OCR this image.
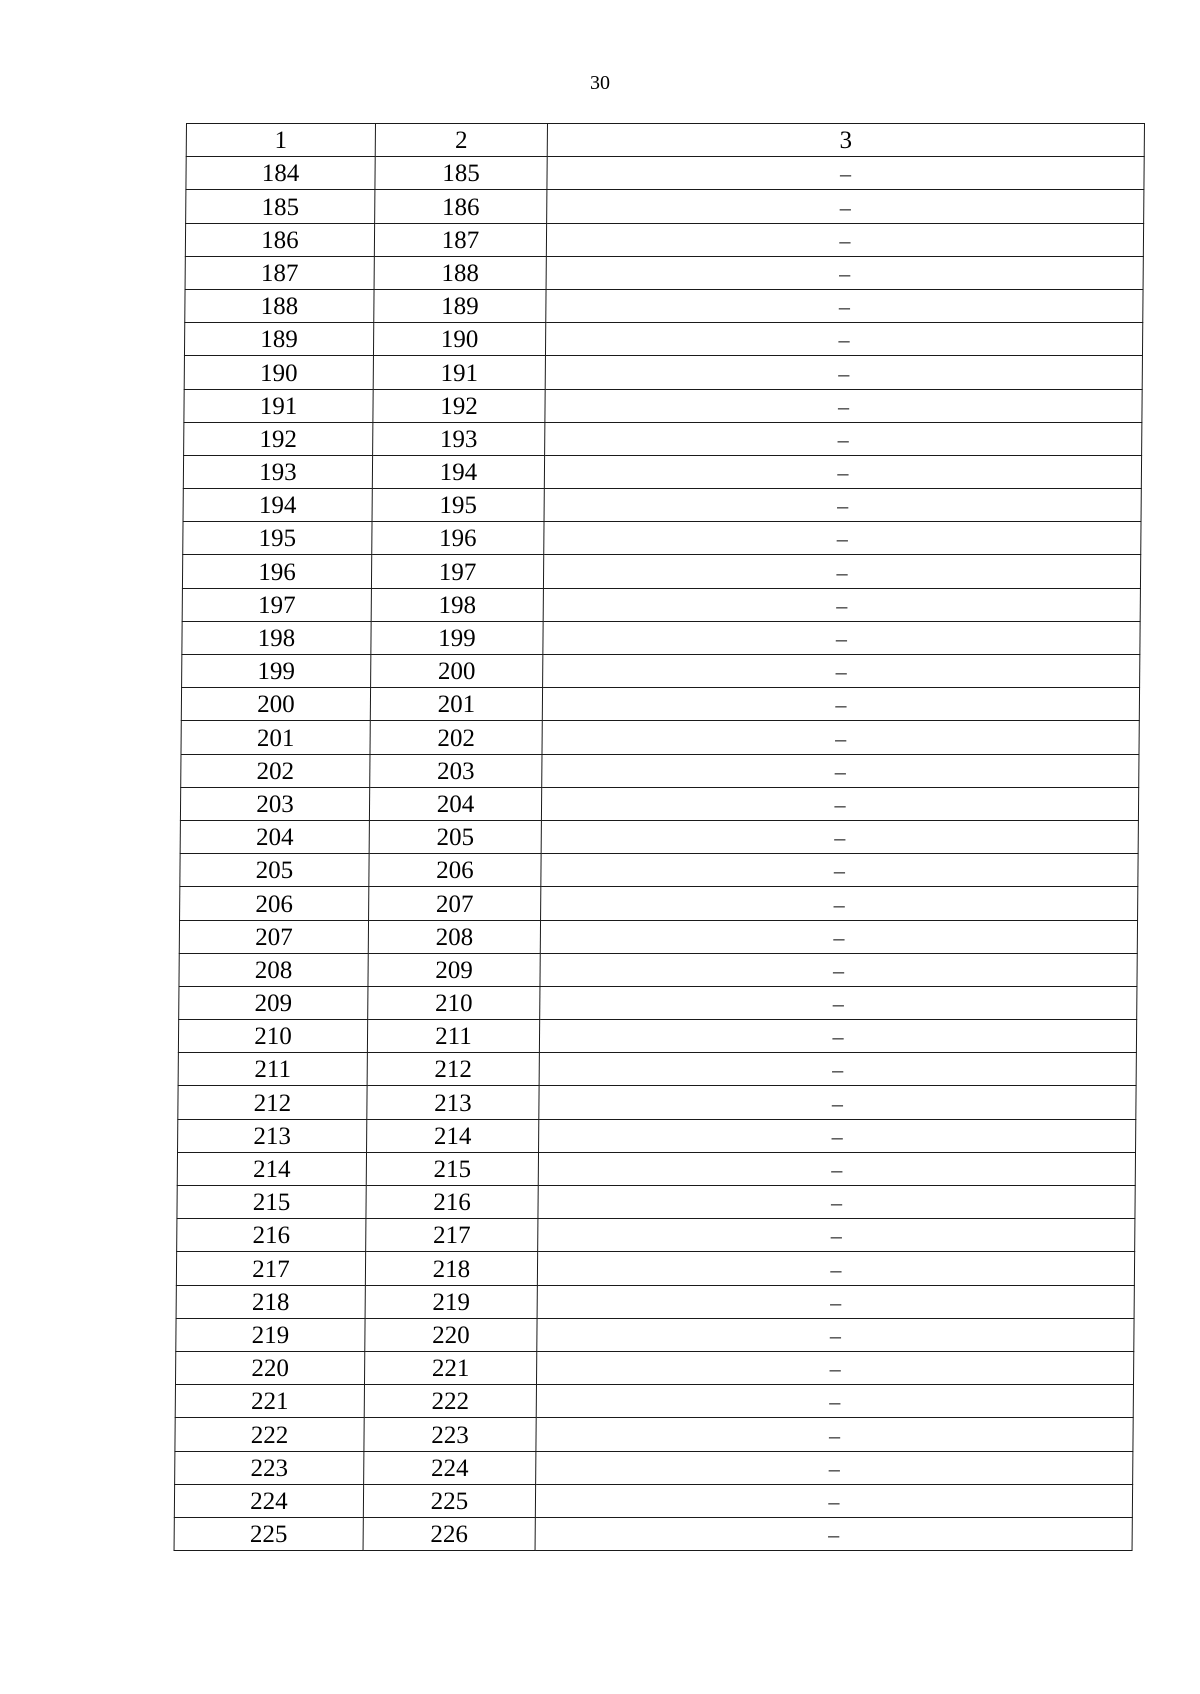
30
1	2	3
184	185	–
185	186	–
186	187	–
187	188	–
188	189	–
189	190	–
190	191	–
191	192	–
192	193	–
193	194	–
194	195	–
195	196	–
196	197	–
197	198	–
198	199	–
199	200	–
200	201	–
201	202	–
202	203	–
203	204	–
204	205	–
205	206	–
206	207	–
207	208	–
208	209	–
209	210	–
210	211	–
211	212	–
212	213	–
213	214	–
214	215	–
215	216	–
216	217	–
217	218	–
218	219	–
219	220	–
220	221	–
221	222	–
222	223	–
223	224	–
224	225	–
225	226	–
